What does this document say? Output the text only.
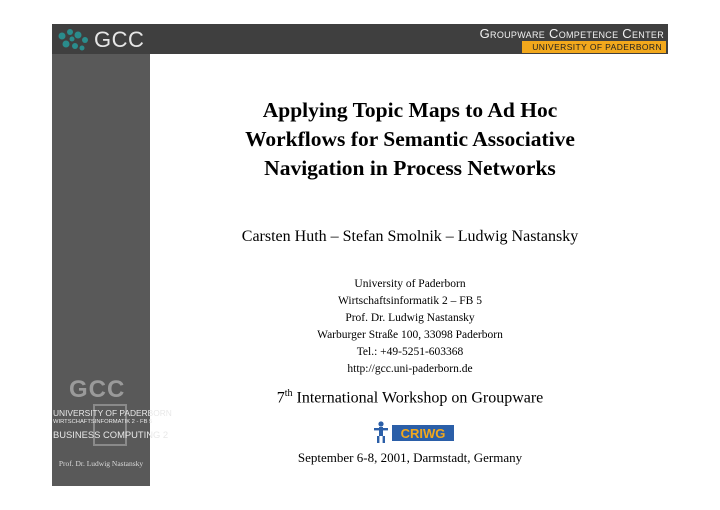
GCC	Groupware Competence Center
UNIVERSITY OF PADERBORN
Applying Topic Maps to Ad Hoc
Workflows for Semantic Associative
Navigation in Process Networks
Carsten Huth – Stefan Smolnik – Ludwig Nastansky
University of Paderborn
Wirtschaftsinformatik 2 – FB 5
Prof. Dr. Ludwig Nastansky
Warburger Straße 100, 33098 Paderborn
Tel.: +49-5251-603368
http://gcc.uni-paderborn.de
7th International Workshop on Groupware
CRIWG
September 6-8, 2001, Darmstadt, Germany
GCC
UNIVERSITY OF PADERBORN
WIRTSCHAFTSINFORMATIK 2 - FB 5
BUSINESS COMPUTING 2
Prof. Dr. Ludwig Nastansky
